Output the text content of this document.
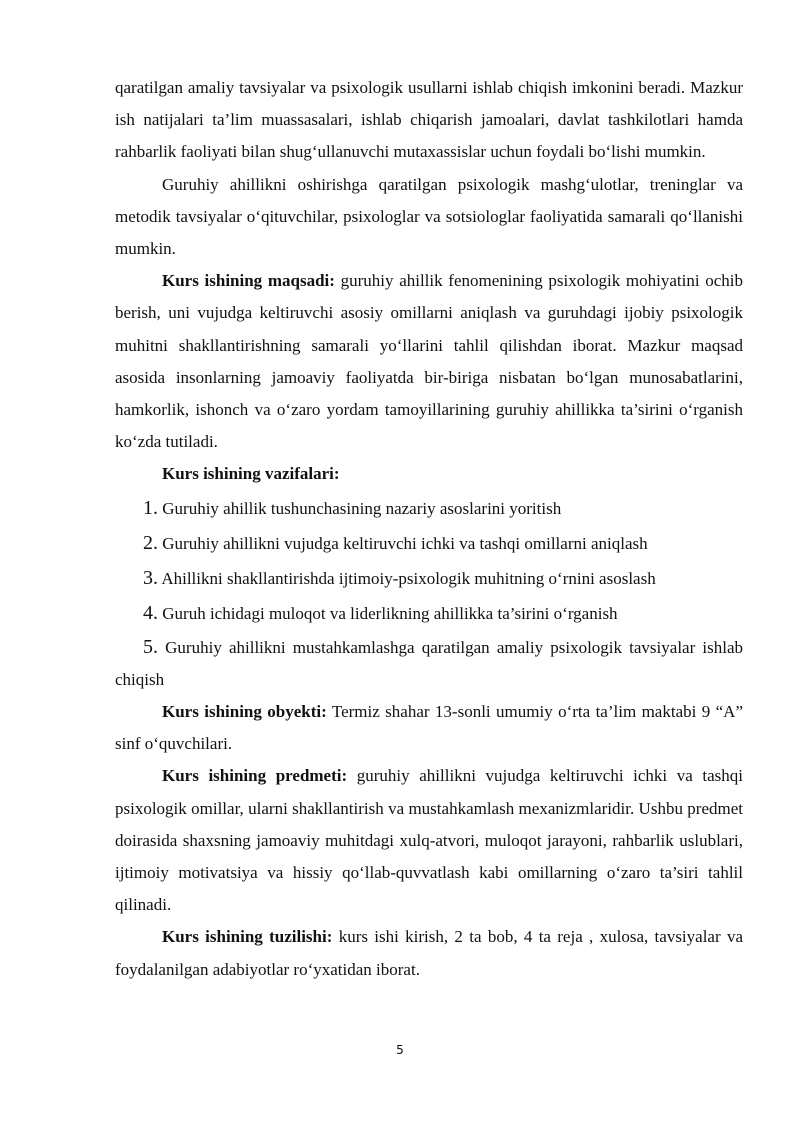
qaratilgan amaliy tavsiyalar va psixologik usullarni ishlab chiqish imkonini beradi. Mazkur ish natijalari ta’lim muassasalari, ishlab chiqarish jamoalari, davlat tashkilotlari hamda rahbarlik faoliyati bilan shug‘ullanuvchi mutaxassislar uchun foydali bo‘lishi mumkin.

Guruhiy ahillikni oshirishga qaratilgan psixologik mashg‘ulotlar, treninglar va metodik tavsiyalar o‘qituvchilar, psixologlar va sotsiologlar faoliyatida samarali qo‘llanishi mumkin.

Kurs ishining maqsadi: guruhiy ahillik fenomenining psixologik mohiyatini ochib berish, uni vujudga keltiruvchi asosiy omillarni aniqlash va guruhdagi ijobiy psixologik muhitni shakllantirishning samarali yo‘llarini tahlil qilishdan iborat. Mazkur maqsad asosida insonlarning jamoaviy faoliyatda bir-biriga nisbatan bo‘lgan munosabatlarini, hamkorlik, ishonch va o‘zaro yordam tamoyillarining guruhiy ahillikka ta’sirini o‘rganish ko‘zda tutiladi.

Kurs ishining vazifalari:

1. Guruhiy ahillik tushunchasining nazariy asoslarini yoritish
2. Guruhiy ahillikni vujudga keltiruvchi ichki va tashqi omillarni aniqlash
3. Ahillikni shakllantirishda ijtimoiy-psixologik muhitning o‘rnini asoslash
4. Guruh ichidagi muloqot va liderlikning ahillikka ta’sirini o‘rganish
5. Guruhiy ahillikni mustahkamlashga qaratilgan amaliy psixologik tavsiyalar ishlab chiqish

Kurs ishining obyekti: Termiz shahar 13-sonli umumiy o‘rta ta’lim maktabi 9 “A” sinf o‘quvchilari.

Kurs ishining predmeti: guruhiy ahillikni vujudga keltiruvchi ichki va tashqi psixologik omillar, ularni shakllantirish va mustahkamlash mexanizmlaridir. Ushbu predmet doirasida shaxsning jamoaviy muhitdagi xulq-atvori, muloqot jarayoni, rahbarlik uslublari, ijtimoiy motivatsiya va hissiy qo‘llab-quvvatlash kabi omillarning o‘zaro ta’siri tahlil qilinadi.

Kurs ishining tuzilishi: kurs ishi kirish, 2 ta bob, 4 ta reja , xulosa, tavsiyalar va foydalanilgan adabiyotlar ro‘yxatidan iborat.

5
